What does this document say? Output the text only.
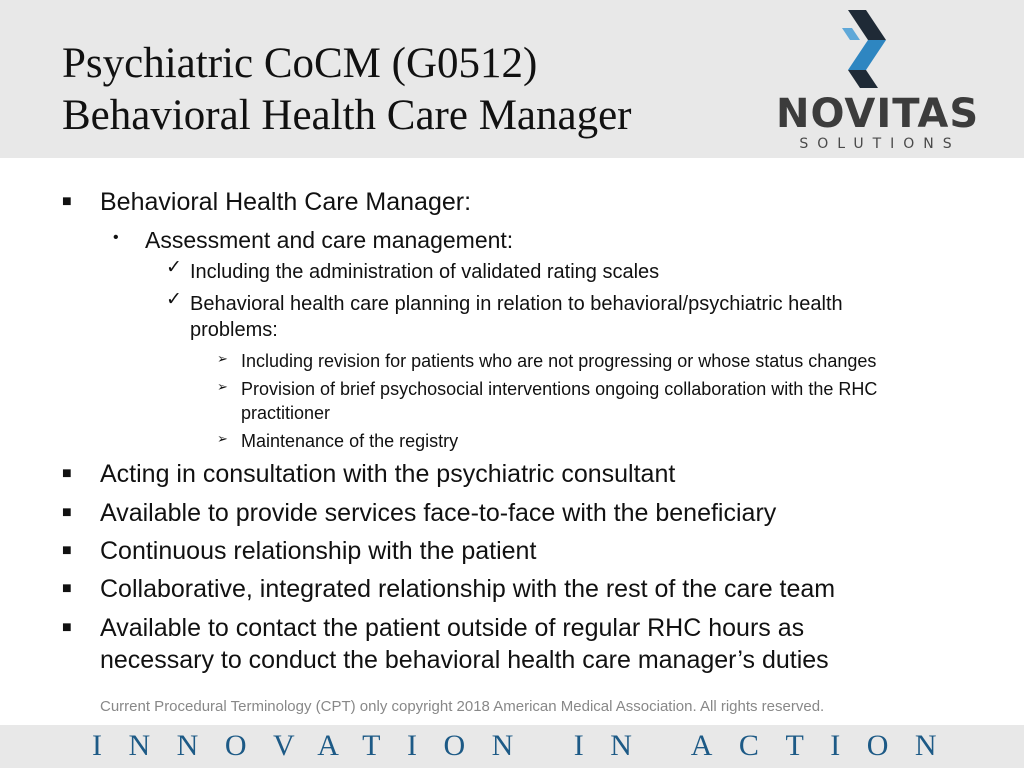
Psychiatric CoCM (G0512)
Behavioral Health Care Manager	NOVITAS
SOLUTIONS
■ Behavioral Health Care Manager:
• Assessment and care management:
✓ Including the administration of validated rating scales
✓ Behavioral health care planning in relation to behavioral/psychiatric health
problems:
➢ Including revision for patients who are not progressing or whose status changes
➢ Provision of brief psychosocial interventions ongoing collaboration with the RHC
practitioner
➢ Maintenance of the registry
■ Acting in consultation with the psychiatric consultant
■ Available to provide services face-to-face with the beneficiary
■ Continuous relationship with the patient
■ Collaborative, integrated relationship with the rest of the care team
■ Available to contact the patient outside of regular RHC hours as
necessary to conduct the behavioral health care manager’s duties
Current Procedural Terminology (CPT) only copyright 2018 American Medical Association. All rights reserved.
INNOVATION IN ACTION
